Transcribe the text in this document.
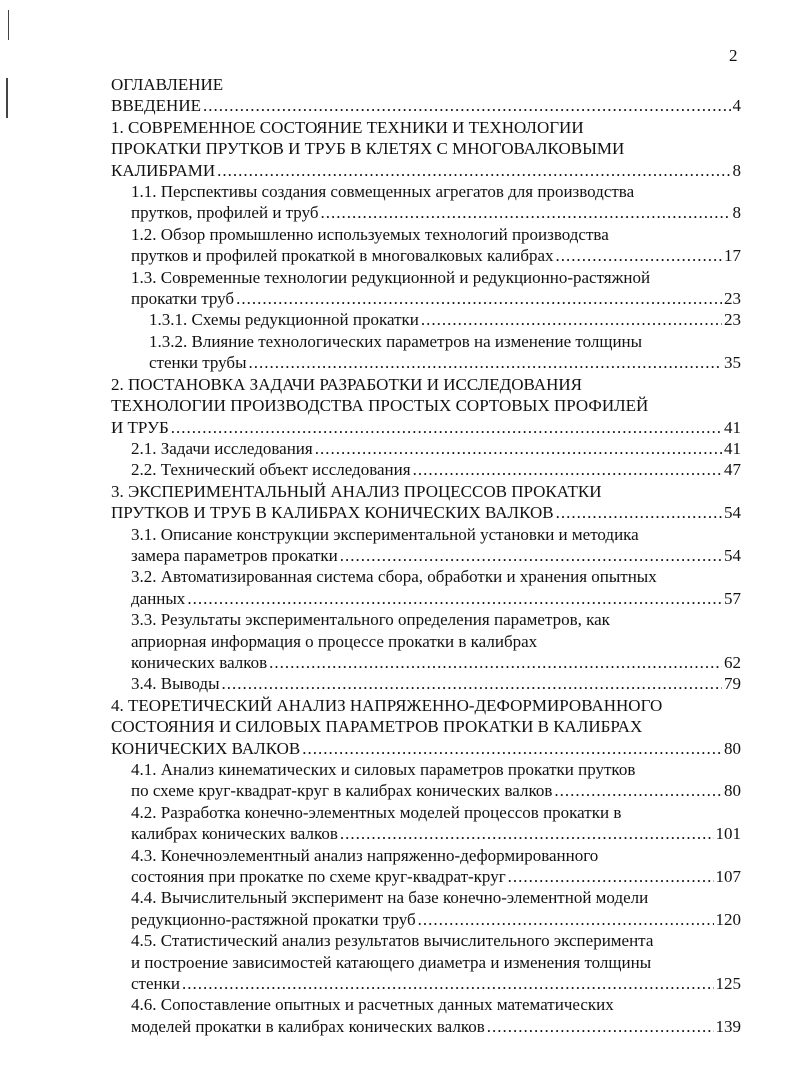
2
ОГЛАВЛЕНИЕ
ВВЕДЕНИЕ .....	4
1. СОВРЕМЕННОЕ СОСТОЯНИЕ ТЕХНИКИ И ТЕХНОЛОГИИ
ПРОКАТКИ ПРУТКОВ И ТРУБ В КЛЕТЯХ С МНОГОВАЛКОВЫМИ
КАЛИБРАМИ .....	8
1.1. Перспективы создания совмещенных агрегатов для производства
прутков, профилей и труб .....	8
1.2. Обзор промышленно используемых технологий производства
прутков и профилей прокаткой в многовалковых калибрах .....	17
1.3. Современные технологии редукционной и редукционно-растяжной
прокатки труб .....	23
1.3.1. Схемы редукционной прокатки .....	23
1.3.2. Влияние технологических параметров на изменение толщины
стенки трубы .....	35
2. ПОСТАНОВКА ЗАДАЧИ РАЗРАБОТКИ И ИССЛЕДОВАНИЯ
ТЕХНОЛОГИИ ПРОИЗВОДСТВА ПРОСТЫХ СОРТОВЫХ ПРОФИЛЕЙ
И ТРУБ .....	41
2.1. Задачи исследования .....	41
2.2. Технический объект исследования .....	47
3. ЭКСПЕРИМЕНТАЛЬНЫЙ АНАЛИЗ ПРОЦЕССОВ ПРОКАТКИ
ПРУТКОВ И ТРУБ В КАЛИБРАХ КОНИЧЕСКИХ ВАЛКОВ .....	54
3.1. Описание конструкции экспериментальной установки и методика
замера параметров прокатки .....	54
3.2. Автоматизированная система сбора, обработки и хранения опытных
данных .....	57
3.3. Результаты экспериментального определения параметров, как
априорная информация о процессе прокатки в калибрах
конических валков .....	62
3.4. Выводы .....	79
4. ТЕОРЕТИЧЕСКИЙ АНАЛИЗ НАПРЯЖЕННО-ДЕФОРМИРОВАННОГО
СОСТОЯНИЯ И СИЛОВЫХ ПАРАМЕТРОВ ПРОКАТКИ В КАЛИБРАХ
КОНИЧЕСКИХ ВАЛКОВ .....	80
4.1. Анализ кинематических и силовых параметров прокатки прутков
по схеме круг-квадрат-круг в калибрах конических валков .....	80
4.2. Разработка конечно-элементных моделей процессов прокатки в
калибрах конических валков .....	101
4.3. Конечноэлементный анализ напряженно-деформированного
состояния при прокатке по схеме круг-квадрат-круг .....	107
4.4. Вычислительный эксперимент на базе конечно-элементной модели
редукционно-растяжной прокатки труб .....	120
4.5. Статистический анализ результатов вычислительного эксперимента
и построение зависимостей катающего диаметра и изменения толщины
стенки .....	125
4.6. Сопоставление опытных и расчетных данных математических
моделей прокатки в калибрах конических валков .....	139
